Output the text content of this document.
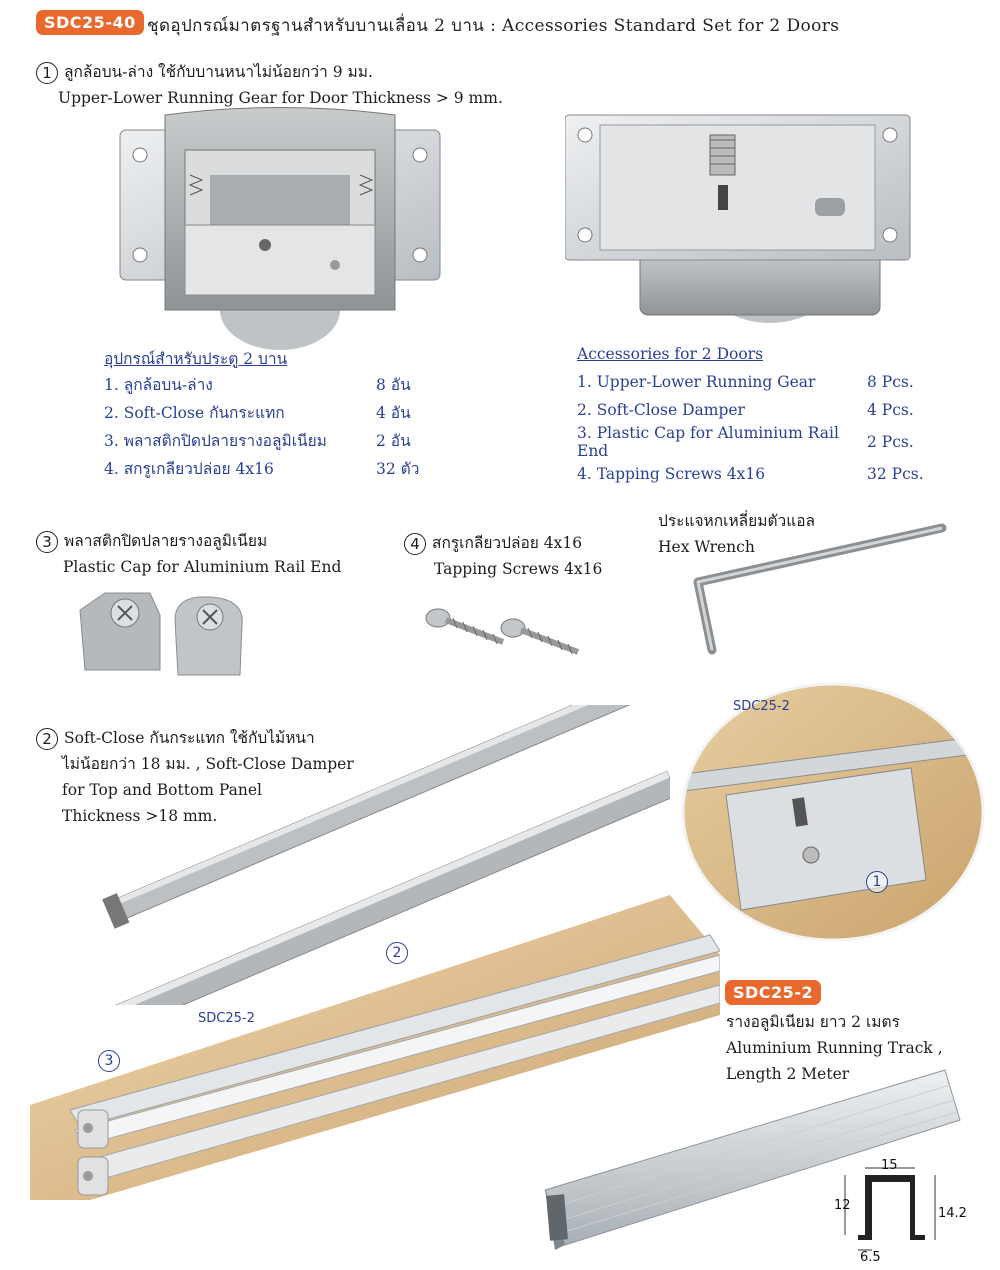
SDC25-40 ชุดอุปกรณ์มาตรฐานสำหรับบานเลื่อน 2 บาน : Accessories Standard Set for 2 Doors
1 ลูกล้อบน-ล่าง ใช้กับบานหนาไม่น้อยกว่า 9 มม.
Upper-Lower Running Gear for Door Thickness > 9 mm.
อุปกรณ์สำหรับประตู 2 บาน
1. ลูกล้อบน-ล่าง	8 อัน
2. Soft-Close กันกระแทก	4 อัน
3. พลาสติกปิดปลายรางอลูมิเนียม	2 อัน
4. สกรูเกลียวปล่อย 4x16	32 ตัว
Accessories for 2 Doors
1. Upper-Lower Running Gear	8 Pcs.
2. Soft-Close Damper	4 Pcs.
3. Plastic Cap for Aluminium Rail End	2 Pcs.
4. Tapping Screws 4x16	32 Pcs.
3 พลาสติกปิดปลายรางอลูมิเนียม
Plastic Cap for Aluminium Rail End
4 สกรูเกลียวปล่อย 4x16
Tapping Screws 4x16
ประแจหกเหลี่ยมตัวแอล
Hex Wrench
2 Soft-Close กันกระแทก ใช้กับไม้หนา
ไม่น้อยกว่า 18 มม. , Soft-Close Damper
for Top and Bottom Panel
Thickness >18 mm.
SDC25-2
1
SDC25-2
2
3
SDC25-2
รางอลูมิเนียม ยาว 2 เมตร
Aluminium Running Track ,
Length 2 Meter
15
12
14.2
6.5
